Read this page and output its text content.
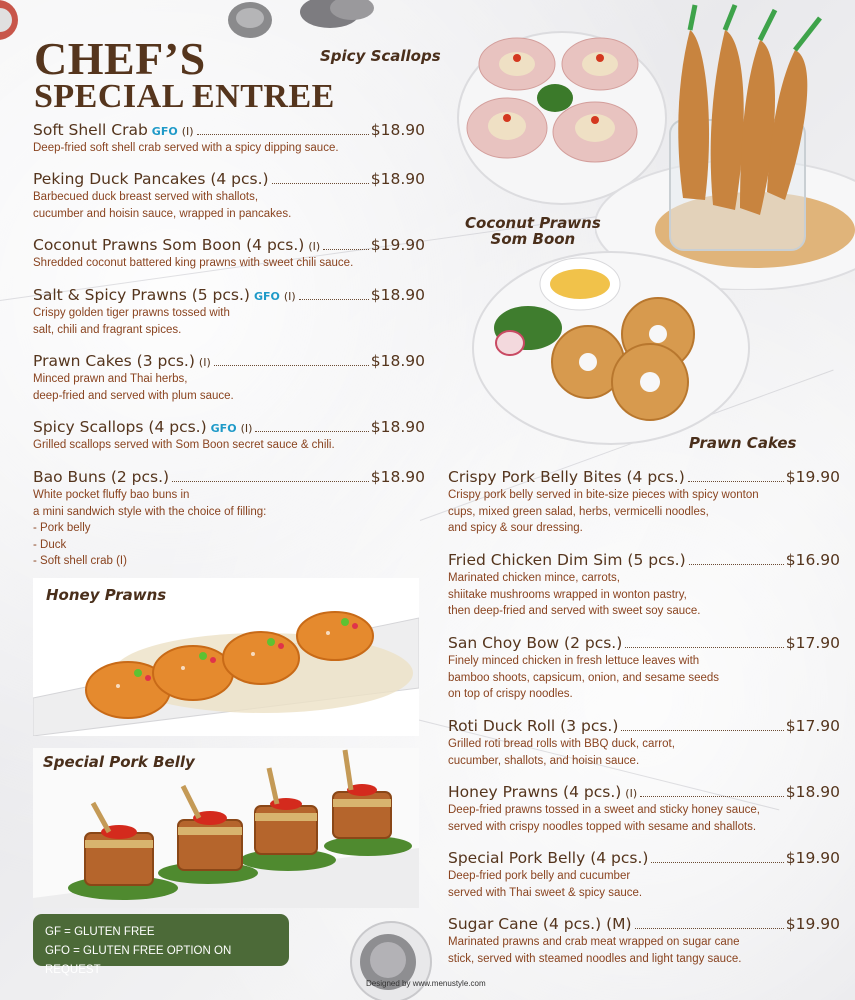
CHEF’S
SPECIAL ENTREE
Soft Shell Crab GFO (I)	$18.90
Deep-fried soft shell crab served with a spicy dipping sauce.
Peking Duck Pancakes (4 pcs.)	$18.90
Barbecued duck breast served with shallots,
cucumber and hoisin sauce, wrapped in pancakes.
Coconut Prawns Som Boon (4 pcs.) (I)	$19.90
Shredded coconut battered king prawns with sweet chili sauce.
Salt & Spicy Prawns (5 pcs.) GFO (I)	$18.90
Crispy golden tiger prawns tossed with
salt, chili and fragrant spices.
Prawn Cakes (3 pcs.) (I)	$18.90
Minced prawn and Thai herbs,
deep-fried and served with plum sauce.
Spicy Scallops (4 pcs.) GFO (I)	$18.90
Grilled scallops served with Som Boon secret sauce & chili.
Bao Buns (2 pcs.)	$18.90
White pocket fluffy bao buns in
a mini sandwich style with the choice of filling:
- Pork belly
- Duck
- Soft shell crab (I)
Crispy Pork Belly Bites (4 pcs.)	$19.90
Crispy pork belly served in bite-size pieces with spicy wonton
cups, mixed green salad, herbs, vermicelli noodles,
and spicy & sour dressing.
Fried Chicken Dim Sim (5 pcs.)	$16.90
Marinated chicken mince, carrots,
shiitake mushrooms wrapped in wonton pastry,
then deep-fried and served with sweet soy sauce.
San Choy Bow (2 pcs.)	$17.90
Finely minced chicken in fresh lettuce leaves with
bamboo shoots, capsicum, onion, and sesame seeds
on top of crispy noodles.
Roti Duck Roll (3 pcs.)	$17.90
Grilled roti bread rolls with BBQ duck, carrot,
cucumber, shallots, and hoisin sauce.
Honey Prawns (4 pcs.) (I)	$18.90
Deep-fried prawns tossed in a sweet and sticky honey sauce,
served with crispy noodles topped with sesame and shallots.
Special Pork Belly (4 pcs.)	$19.90
Deep-fried pork belly and cucumber
served with Thai sweet & spicy sauce.
Sugar Cane (4 pcs.) (M)	$19.90
Marinated prawns and crab meat wrapped on sugar cane
stick, served with steamed noodles and light tangy sauce.
Spicy Scallops
Coconut Prawns
Som Boon
Prawn Cakes
Honey Prawns
Special Pork Belly
GF = GLUTEN FREE
GFO = GLUTEN FREE OPTION ON REQUEST
Designed by www.menustyle.com
